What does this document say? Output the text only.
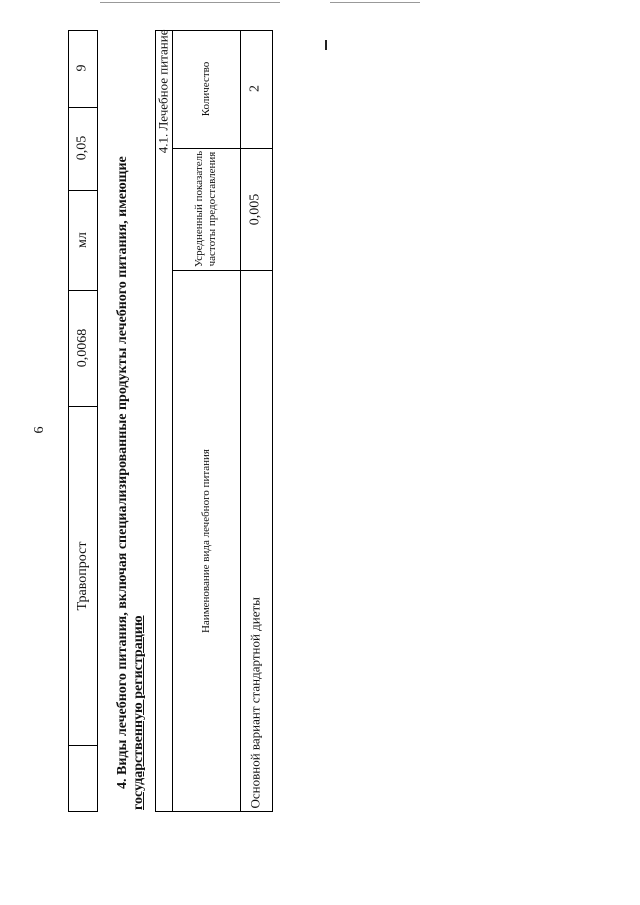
6
Травопрост
0,0068
мл
0,05
9
4. Виды лечебного питания, включая специализированные продукты лечебного питания, имеющие государственную регистрацию
4.1. Лечебное питание
Наименование вида лечебного питания
Усредненный показатель частоты предоставления
Количество
Основной вариант стандартной диеты
0,005
2
